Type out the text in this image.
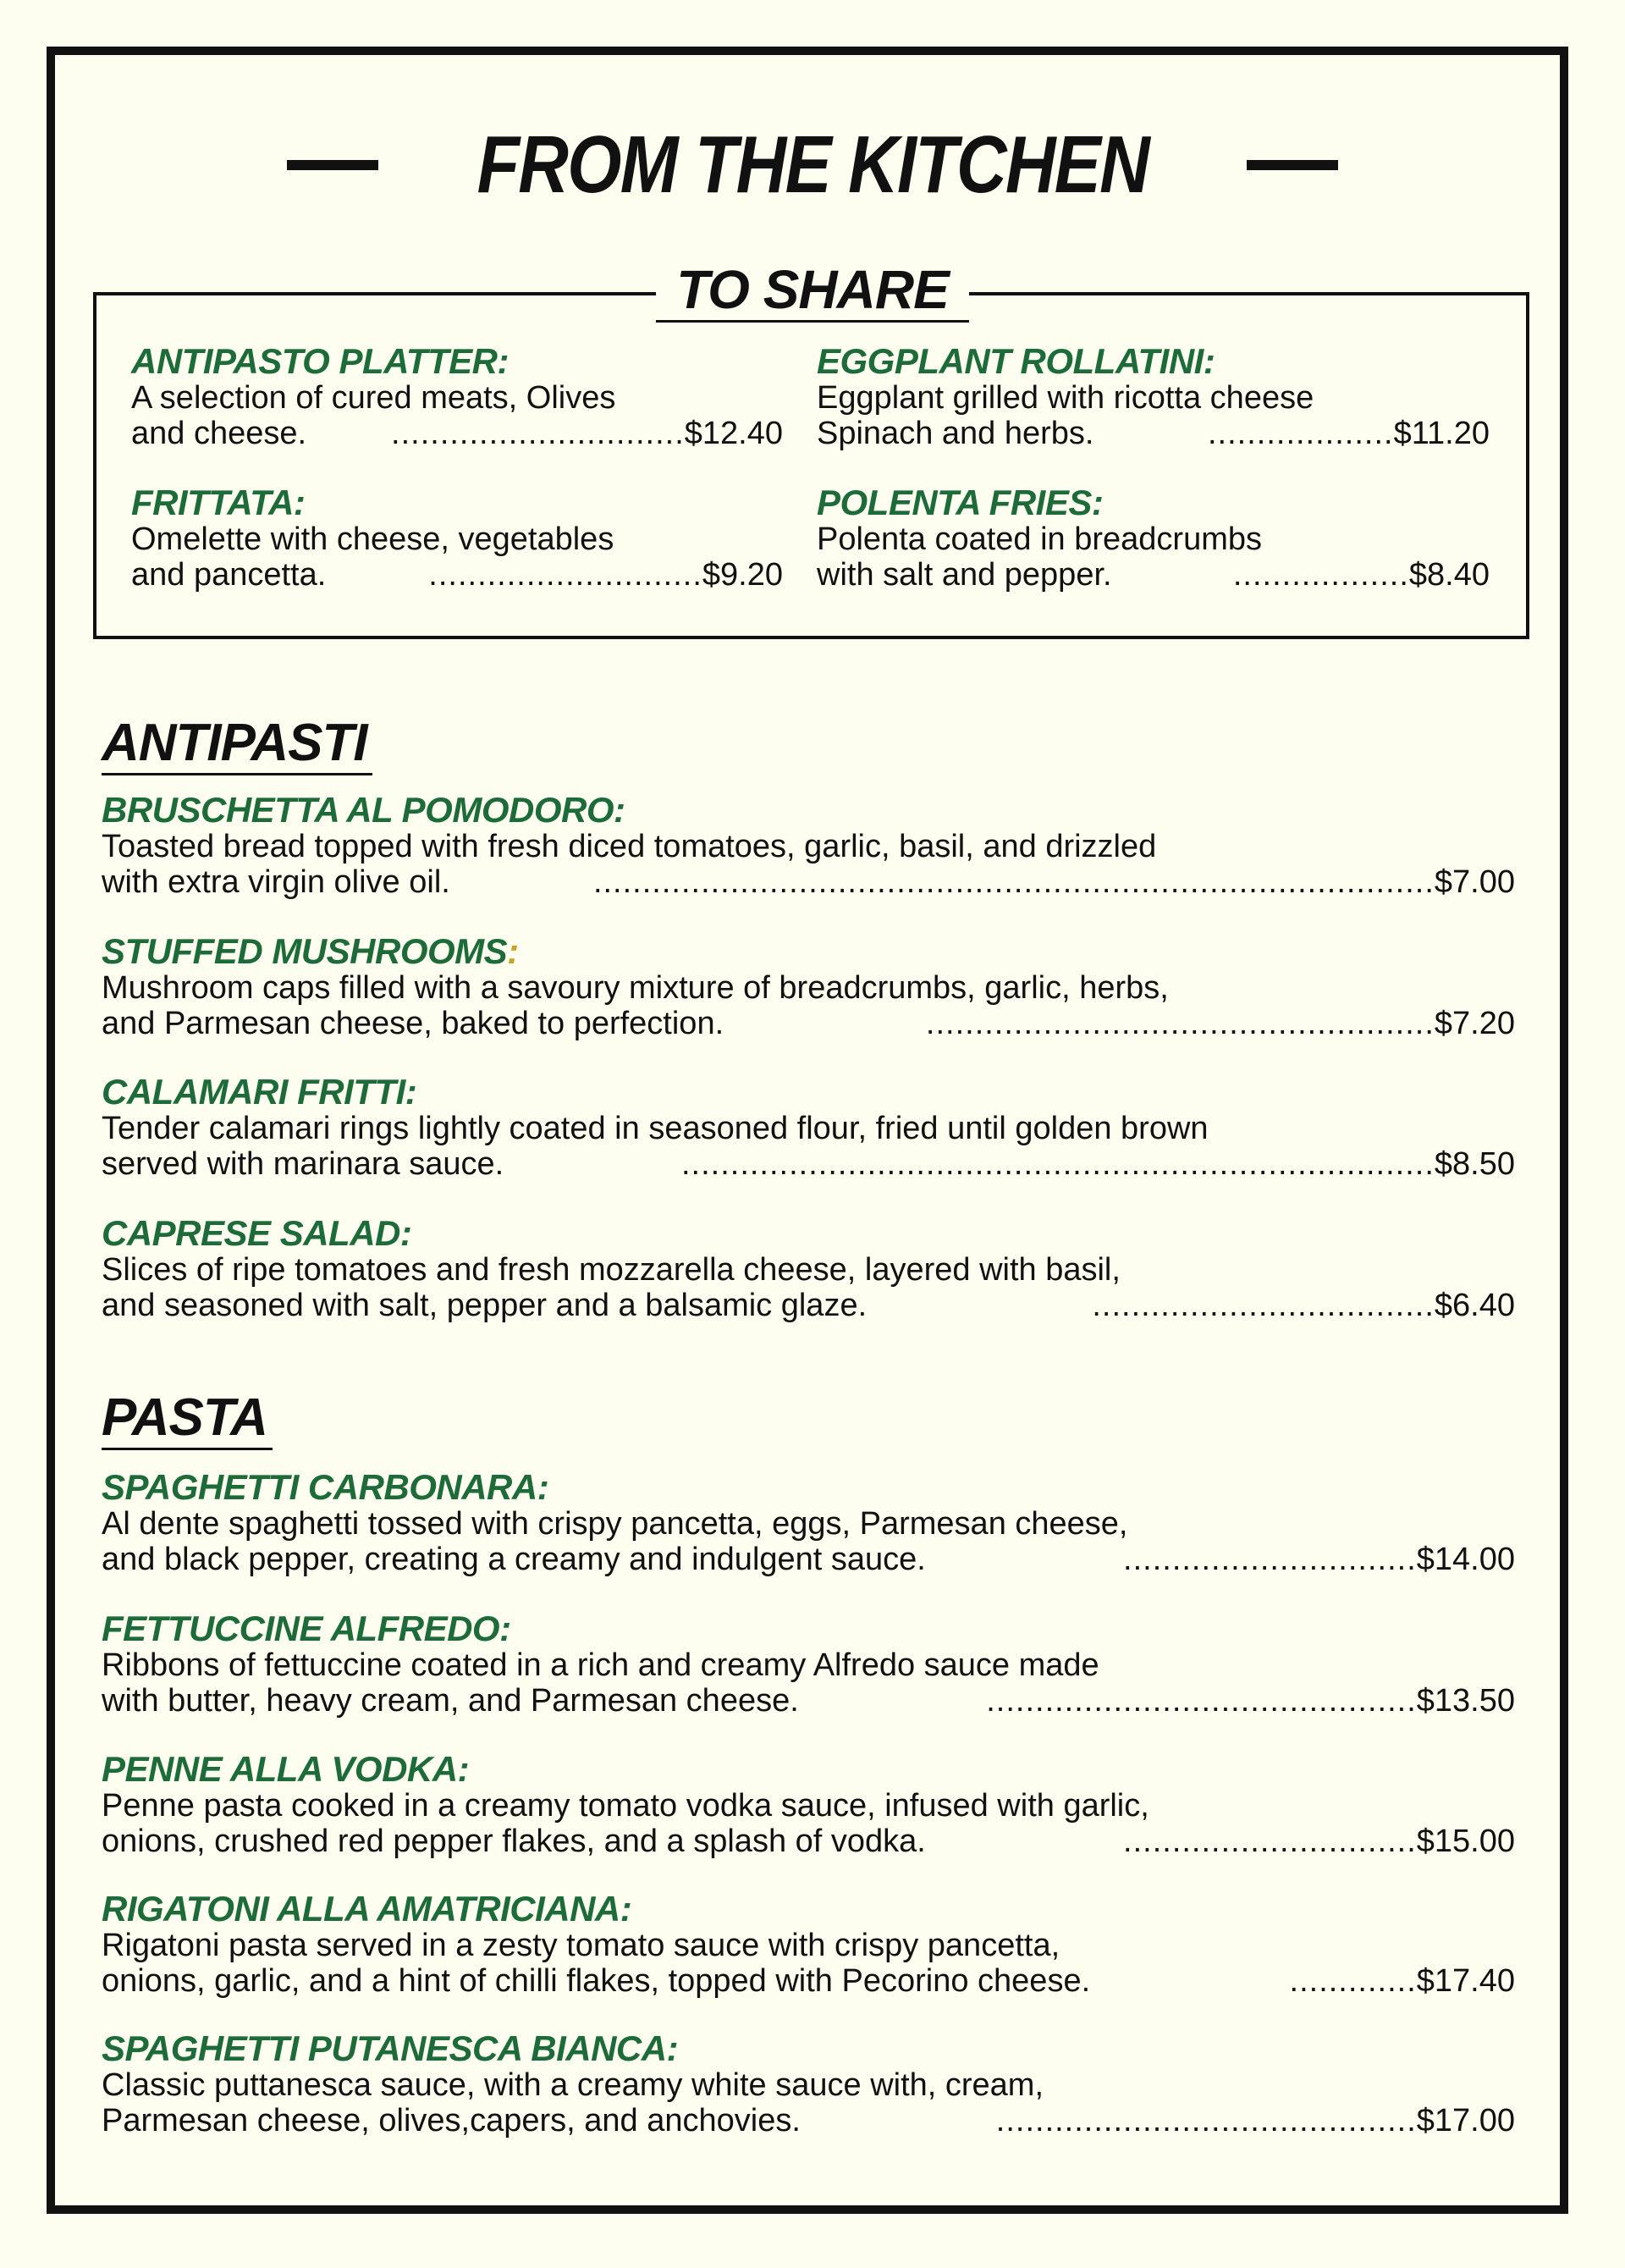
FROM THE KITCHEN
TO SHARE
ANTIPASTO PLATTER:
A selection of cured meats, Olives
and cheese.	.............................. $12.40
EGGPLANT ROLLATINI:
Eggplant grilled with ricotta cheese
Spinach and herbs.	................... $11.20
FRITTATA:
Omelette with cheese, vegetables
and pancetta.	............................ $9.20
POLENTA FRIES:
Polenta coated in breadcrumbs
with salt and pepper.	.................. $8.40
ANTIPASTI
BRUSCHETTA AL POMODORO:
Toasted bread topped with fresh diced tomatoes, garlic, basil, and drizzled
with extra virgin olive oil.	...................................................................................... $7.00
STUFFED MUSHROOMS:
Mushroom caps filled with a savoury mixture of breadcrumbs, garlic, herbs,
and Parmesan cheese, baked to perfection.	.................................................... $7.20
CALAMARI FRITTI:
Tender calamari rings lightly coated in seasoned flour, fried until golden brown
served with marinara sauce.	............................................................................. $8.50
CAPRESE SALAD:
Slices of ripe tomatoes and fresh mozzarella cheese, layered with basil,
and seasoned with salt, pepper and a balsamic glaze.	................................... $6.40
PASTA
SPAGHETTI CARBONARA:
Al dente spaghetti tossed with crispy pancetta, eggs, Parmesan cheese,
and black pepper, creating a creamy and indulgent sauce.	.............................. $14.00
FETTUCCINE ALFREDO:
Ribbons of fettuccine coated in a rich and creamy Alfredo sauce made
with butter, heavy cream, and Parmesan cheese.	............................................ $13.50
PENNE ALLA VODKA:
Penne pasta cooked in a creamy tomato vodka sauce, infused with garlic,
onions, crushed red pepper flakes, and a splash of vodka.	.............................. $15.00
RIGATONI ALLA AMATRICIANA:
Rigatoni pasta served in a zesty tomato sauce with crispy pancetta,
onions, garlic, and a hint of chilli flakes, topped with Pecorino cheese.	............. $17.40
SPAGHETTI PUTANESCA BIANCA:
Classic puttanesca sauce, with a creamy white sauce with, cream,
Parmesan cheese, olives,capers, and anchovies.	........................................... $17.00
